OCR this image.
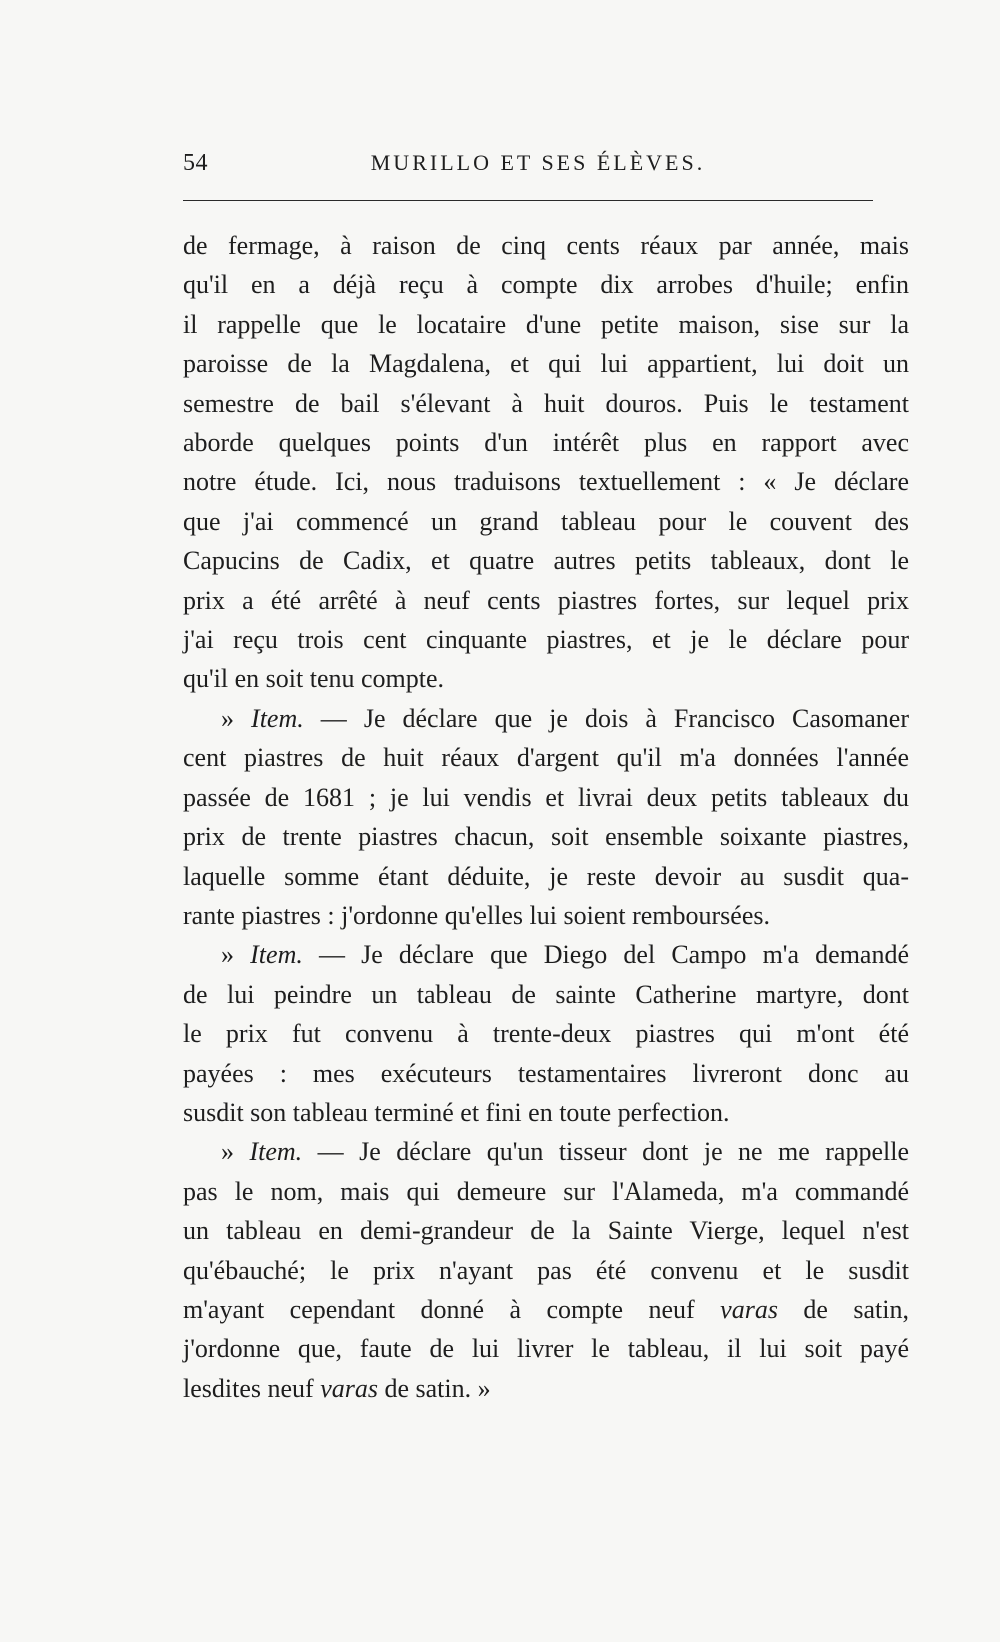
54	MURILLO ET SES ÉLÈVES.
de fermage, à raison de cinq cents réaux par année, mais
qu'il en a déjà reçu à compte dix arrobes d'huile; enfin
il rappelle que le locataire d'une petite maison, sise sur la
paroisse de la Magdalena, et qui lui appartient, lui doit un
semestre de bail s'élevant à huit douros. Puis le testament
aborde quelques points d'un intérêt plus en rapport avec
notre étude. Ici, nous traduisons textuellement : « Je déclare
que j'ai commencé un grand tableau pour le couvent des
Capucins de Cadix, et quatre autres petits tableaux, dont le
prix a été arrêté à neuf cents piastres fortes, sur lequel prix
j'ai reçu trois cent cinquante piastres, et je le déclare pour
qu'il en soit tenu compte.
» Item. — Je déclare que je dois à Francisco Casomaner
cent piastres de huit réaux d'argent qu'il m'a données l'année
passée de 1681 ; je lui vendis et livrai deux petits tableaux du
prix de trente piastres chacun, soit ensemble soixante piastres,
laquelle somme étant déduite, je reste devoir au susdit qua-
rante piastres : j'ordonne qu'elles lui soient remboursées.
» Item. — Je déclare que Diego del Campo m'a demandé
de lui peindre un tableau de sainte Catherine martyre, dont
le prix fut convenu à trente-deux piastres qui m'ont été
payées : mes exécuteurs testamentaires livreront donc au
susdit son tableau terminé et fini en toute perfection.
» Item. — Je déclare qu'un tisseur dont je ne me rappelle
pas le nom, mais qui demeure sur l'Alameda, m'a commandé
un tableau en demi-grandeur de la Sainte Vierge, lequel n'est
qu'ébauché; le prix n'ayant pas été convenu et le susdit
m'ayant cependant donné à compte neuf varas de satin,
j'ordonne que, faute de lui livrer le tableau, il lui soit payé
lesdites neuf varas de satin. »
